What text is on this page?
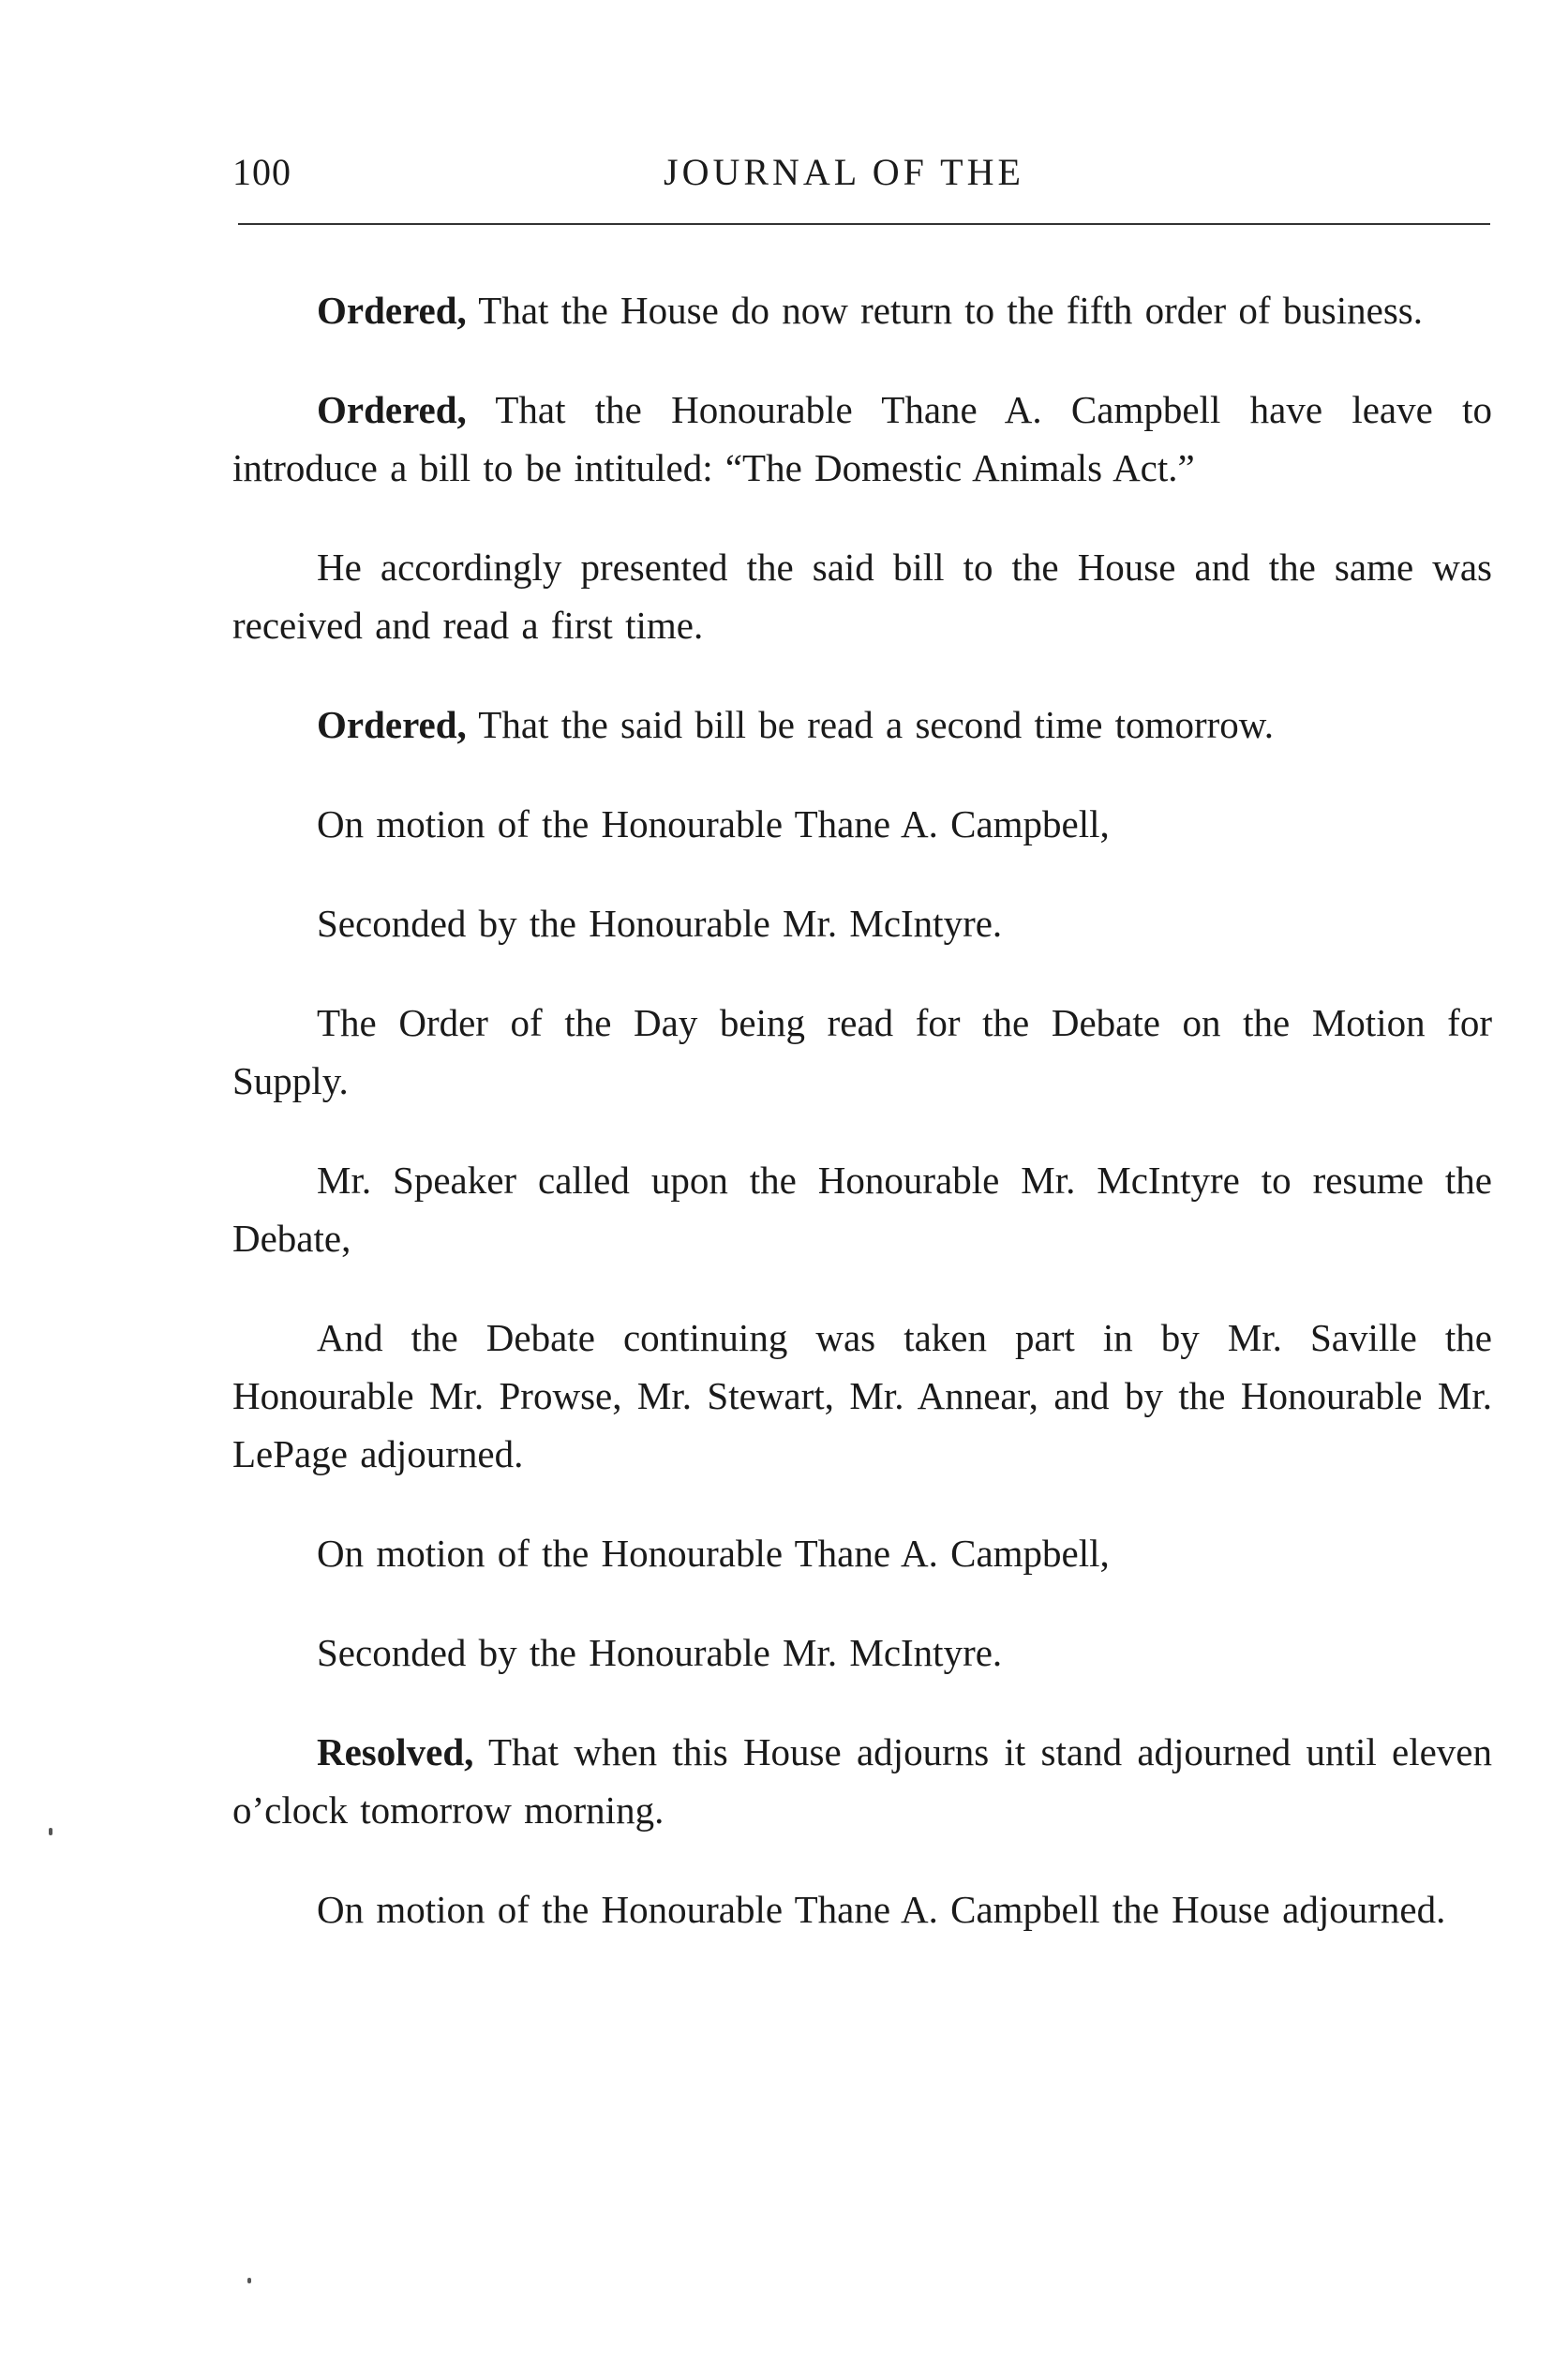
100	JOURNAL OF THE

Ordered, That the House do now return to the fifth order of business.

Ordered, That the Honourable Thane A. Campbell have leave to introduce a bill to be intituled: “The Domestic Animals Act.”

He accordingly presented the said bill to the House and the same was received and read a first time.

Ordered, That the said bill be read a second time tomorrow.

On motion of the Honourable Thane A. Campbell,

Seconded by the Honourable Mr. McIntyre.

The Order of the Day being read for the Debate on the Motion for Supply.

Mr. Speaker called upon the Honourable Mr. McIntyre to resume the Debate,

And the Debate continuing was taken part in by Mr. Saville the Honourable Mr. Prowse, Mr. Stewart, Mr. Annear, and by the Honourable Mr. LePage adjourned.

On motion of the Honourable Thane A. Campbell,

Seconded by the Honourable Mr. McIntyre.

Resolved, That when this House adjourns it stand adjourned until eleven o’clock tomorrow morning.

On motion of the Honourable Thane A. Campbell the House adjourned.
